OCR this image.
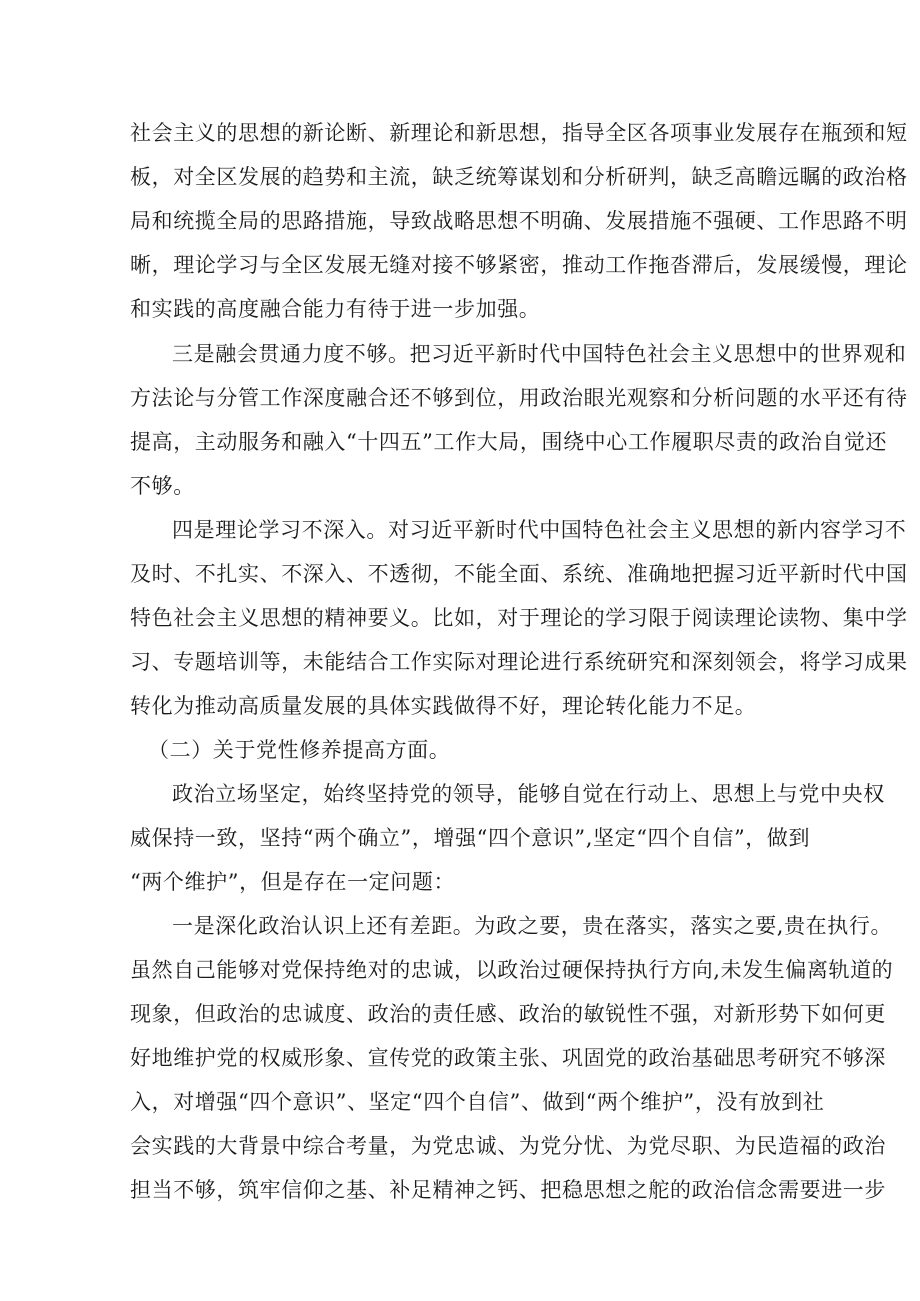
社会主义的思想的新论断、新理论和新思想，指导全区各项事业发展存在瓶颈和短
板，对全区发展的趋势和主流，缺乏统筹谋划和分析研判，缺乏高瞻远瞩的政治格
局和统揽全局的思路措施，导致战略思想不明确、发展措施不强硬、工作思路不明
晰，理论学习与全区发展无缝对接不够紧密，推动工作拖沓滞后，发展缓慢，理论
和实践的高度融合能力有待于进一步加强。
三是融会贯通力度不够。把习近平新时代中国特色社会主义思想中的世界观和
方法论与分管工作深度融合还不够到位，用政治眼光观察和分析问题的水平还有待
提高，主动服务和融入“十四五”工作大局，围绕中心工作履职尽责的政治自觉还
不够。
四是理论学习不深入。对习近平新时代中国特色社会主义思想的新内容学习不
及时、不扎实、不深入、不透彻，不能全面、系统、准确地把握习近平新时代中国
特色社会主义思想的精神要义。比如，对于理论的学习限于阅读理论读物、集中学
习、专题培训等，未能结合工作实际对理论进行系统研究和深刻领会，将学习成果
转化为推动高质量发展的具体实践做得不好，理论转化能力不足。
（二）关于党性修养提高方面。
政治立场坚定，始终坚持党的领导，能够自觉在行动上、思想上与党中央权
威保持一致，坚持“两个确立”，增强“四个意识”,坚定“四个自信”，做到
“两个维护”，但是存在一定问题：
一是深化政治认识上还有差距。为政之要，贵在落实，落实之要,贵在执行。
虽然自己能够对党保持绝对的忠诚，以政治过硬保持执行方向,未发生偏离轨道的
现象，但政治的忠诚度、政治的责任感、政治的敏锐性不强，对新形势下如何更
好地维护党的权威形象、宣传党的政策主张、巩固党的政治基础思考研究不够深
入，对增强“四个意识”、坚定“四个自信”、做到“两个维护”，没有放到社
会实践的大背景中综合考量，为党忠诚、为党分忧、为党尽职、为民造福的政治
担当不够，筑牢信仰之基、补足精神之钙、把稳思想之舵的政治信念需要进一步
